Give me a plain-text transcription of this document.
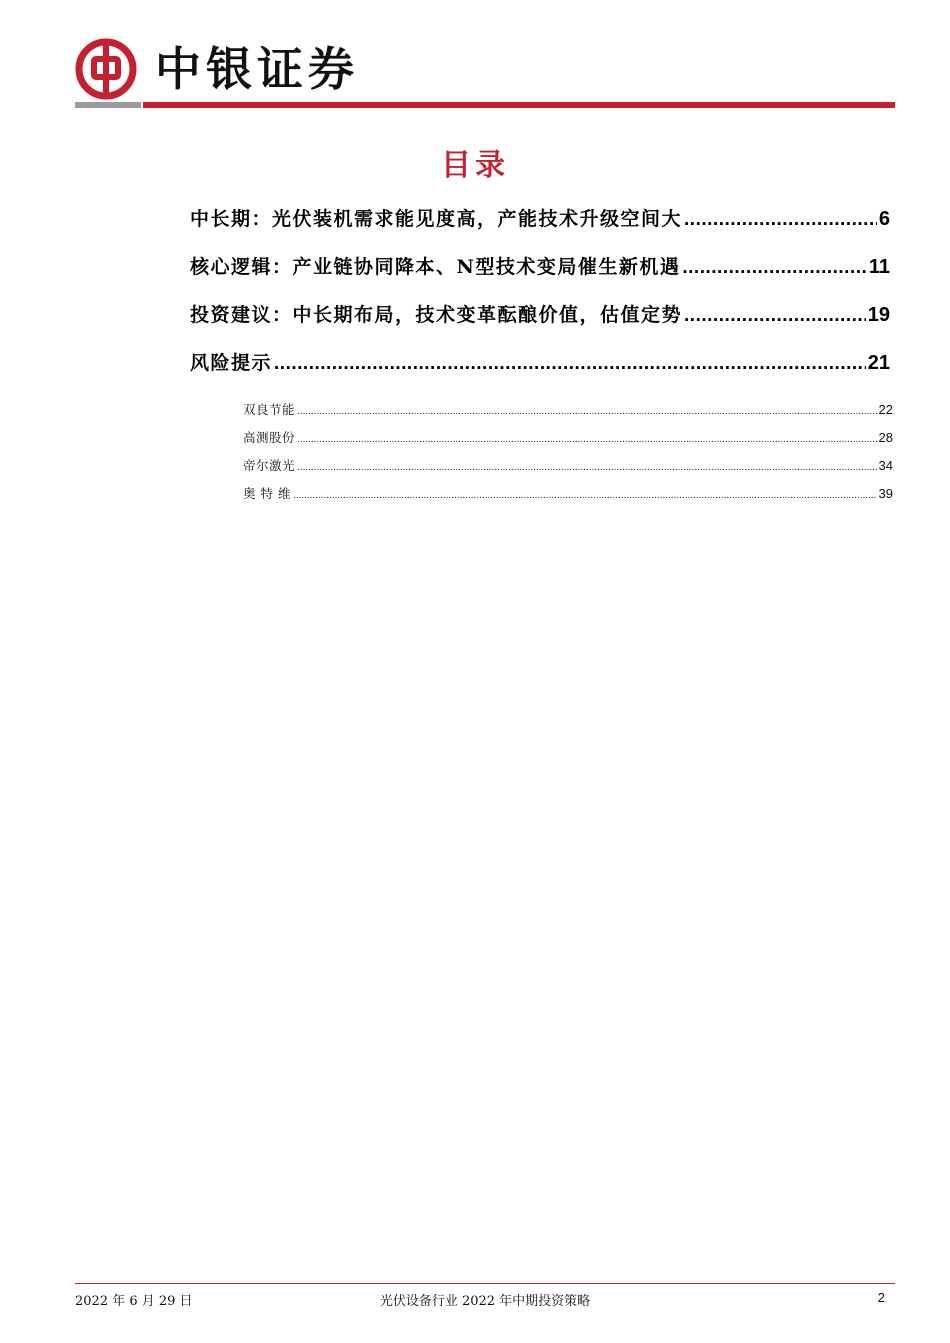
中银证券
目录
中长期：光伏装机需求能见度高，产能技术升级空间大 .....	6
核心逻辑：产业链协同降本、N型技术变局催生新机遇 .....	11
投资建议：中长期布局，技术变革酝酿价值，估值定势 .....	19
风险提示 .....	21
双良节能 .....	22
高测股份 .....	28
帝尔激光 .....	34
奥 特 维 .....	39
2022 年 6 月 29 日	光伏设备行业 2022 年中期投资策略	2
